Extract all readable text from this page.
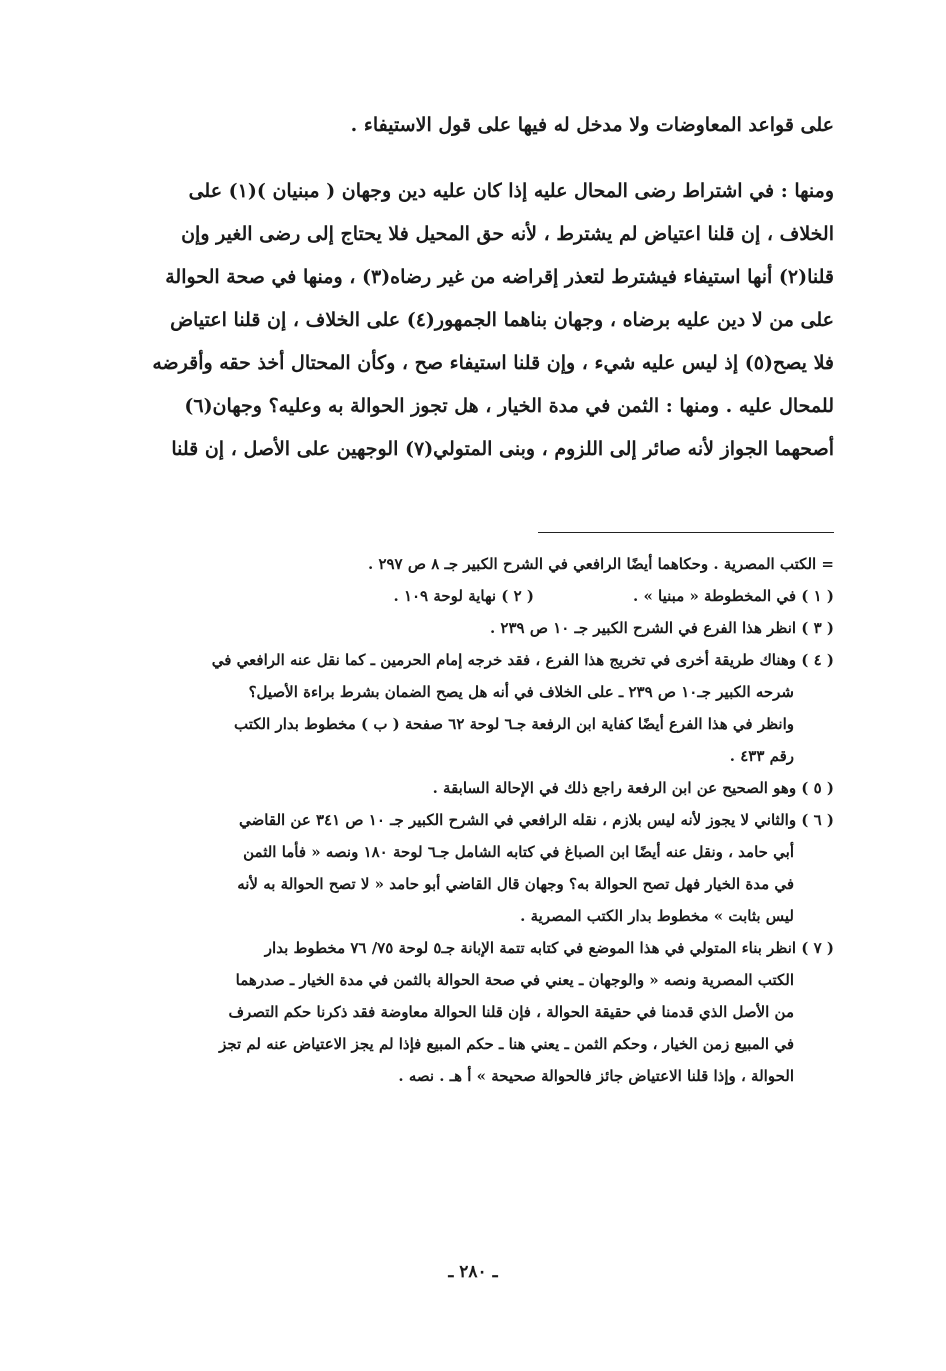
على قواعد المعاوضات ولا مدخل له فيها على قول الاستيفاء .
ومنها : في اشتراط رضى المحال عليه إذا كان عليه دين وجهان ( مبنيان )(١) على
الخلاف ، إن قلنا اعتياض لم يشترط ، لأنه حق المحيل فلا يحتاج إلى رضى الغير وإن
قلنا(٢) أنها استيفاء فيشترط لتعذر إقراضه من غير رضاه(٣) ، ومنها في صحة الحوالة
على من لا دين عليه برضاه ، وجهان بناهما الجمهور(٤) على الخلاف ، إن قلنا اعتياض
فلا يصح(٥) إذ ليس عليه شيء ، وإن قلنا استيفاء صح ، وكأن المحتال أخذ حقه وأقرضه
للمحال عليه . ومنها : الثمن في مدة الخيار ، هل تجوز الحوالة به وعليه؟ وجهان(٦)
أصحهما الجواز لأنه صائر إلى اللزوم ، وبنى المتولي(٧) الوجهين على الأصل ، إن قلنا
= الكتب المصرية . وحكاهما أيضًا الرافعي في الشرح الكبير جـ ٨ ص ٢٩٧ .
( ١ ) في المخطوطة « مبنيا » .
( ٢ ) نهاية لوحة ١٠٩ .
( ٣ ) انظر هذا الفرع في الشرح الكبير جـ ١٠ ص ٢٣٩ .
( ٤ ) وهناك طريقة أخرى في تخريج هذا الفرع ، فقد خرجه إمام الحرمين ـ كما نقل عنه الرافعي في
شرحه الكبير جـ١٠ ص ٢٣٩ ـ على الخلاف في أنه هل يصح الضمان بشرط براءة الأصيل؟
وانظر في هذا الفرع أيضًا كفاية ابن الرفعة جـ٦ لوحة ٦٢ صفحة ( ب ) مخطوط بدار الكتب
رقم ٤٣٣ .
( ٥ ) وهو الصحيح عن ابن الرفعة راجع ذلك في الإحالة السابقة .
( ٦ ) والثاني لا يجوز لأنه ليس بلازم ، نقله الرافعي في الشرح الكبير جـ ١٠ ص ٣٤١ عن القاضي
أبي حامد ، ونقل عنه أيضًا ابن الصباغ في كتابه الشامل جـ٦ لوحة ١٨٠ ونصه « فأما الثمن
في مدة الخيار فهل تصح الحوالة به؟ وجهان قال القاضي أبو حامد « لا تصح الحوالة به لأنه
ليس بثابت » مخطوط بدار الكتب المصرية .
( ٧ ) انظر بناء المتولي في هذا الموضع في كتابه تتمة الإبانة جـ٥ لوحة ٧٥/ ٧٦ مخطوط بدار
الكتب المصرية ونصه « والوجهان ـ يعني في صحة الحوالة بالثمن في مدة الخيار ـ صدرهما
من الأصل الذي قدمنا في حقيقة الحوالة ، فإن قلنا الحوالة معاوضة فقد ذكرنا حكم التصرف
في المبيع زمن الخيار ، وحكم الثمن ـ يعني هنا ـ حكم المبيع فإذا لم يجز الاعتياض عنه لم تجز
الحوالة ، وإذا قلنا الاعتياض جائز فالحوالة صحيحة » أ هـ . نصه .
ـ ٢٨٠ ـ
